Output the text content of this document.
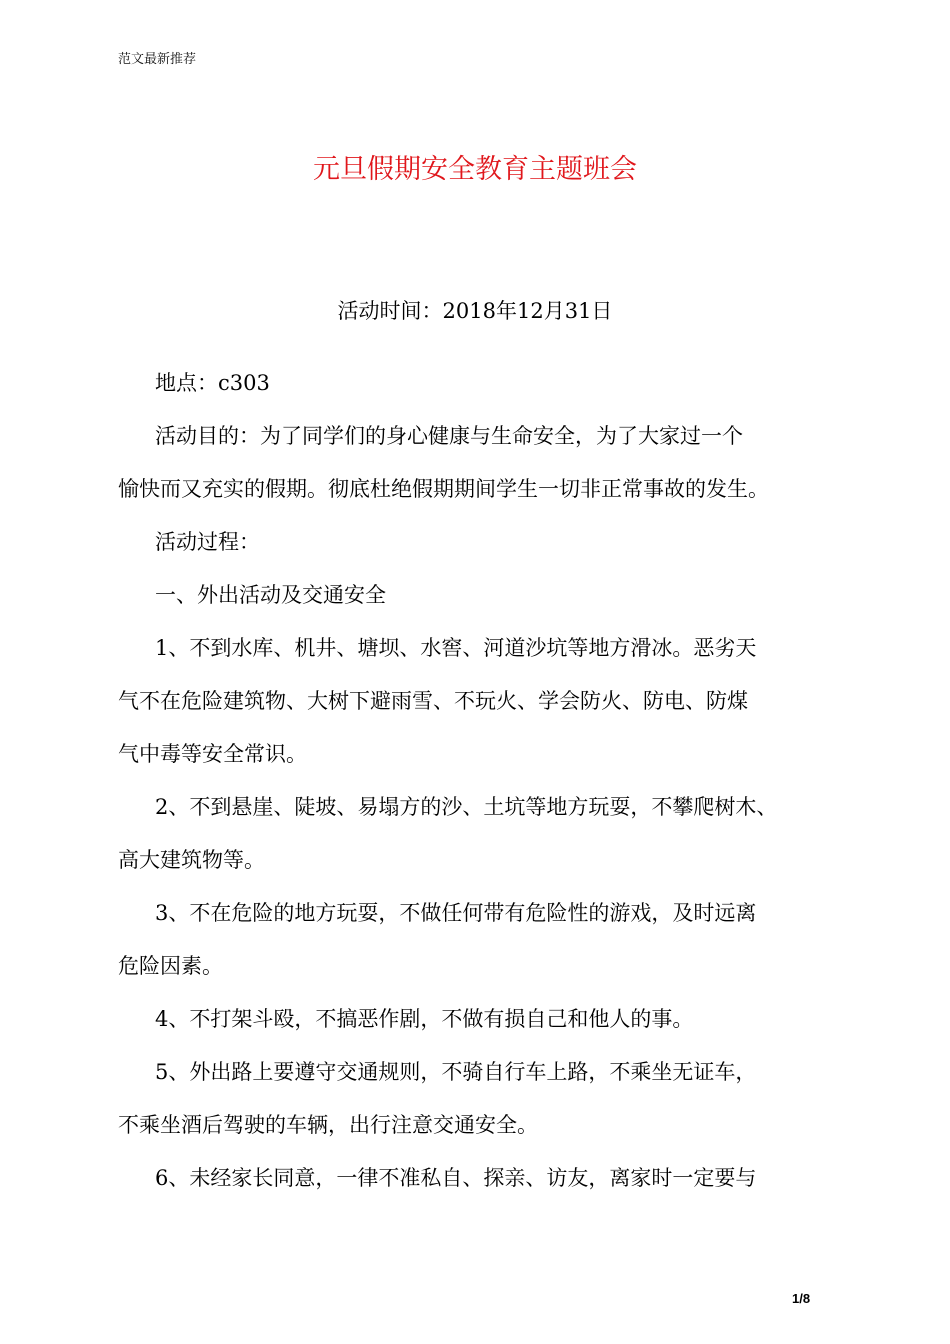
范文最新推荐
元旦假期安全教育主题班会
活动时间：2018年12月31日
地点：c303
活动目的：为了同学们的身心健康与生命安全，为了大家过一个
愉快而又充实的假期。彻底杜绝假期期间学生一切非正常事故的发生。
活动过程：
一、外出活动及交通安全
1、不到水库、机井、塘坝、水窖、河道沙坑等地方滑冰。恶劣天
气不在危险建筑物、大树下避雨雪、不玩火、学会防火、防电、防煤
气中毒等安全常识。
2、不到悬崖、陡坡、易塌方的沙、土坑等地方玩耍，不攀爬树木、
高大建筑物等。
3、不在危险的地方玩耍，不做任何带有危险性的游戏，及时远离
危险因素。
4、不打架斗殴，不搞恶作剧，不做有损自己和他人的事。
5、外出路上要遵守交通规则，不骑自行车上路，不乘坐无证车，
不乘坐酒后驾驶的车辆，出行注意交通安全。
6、未经家长同意，一律不准私自、探亲、访友，离家时一定要与
1/8
